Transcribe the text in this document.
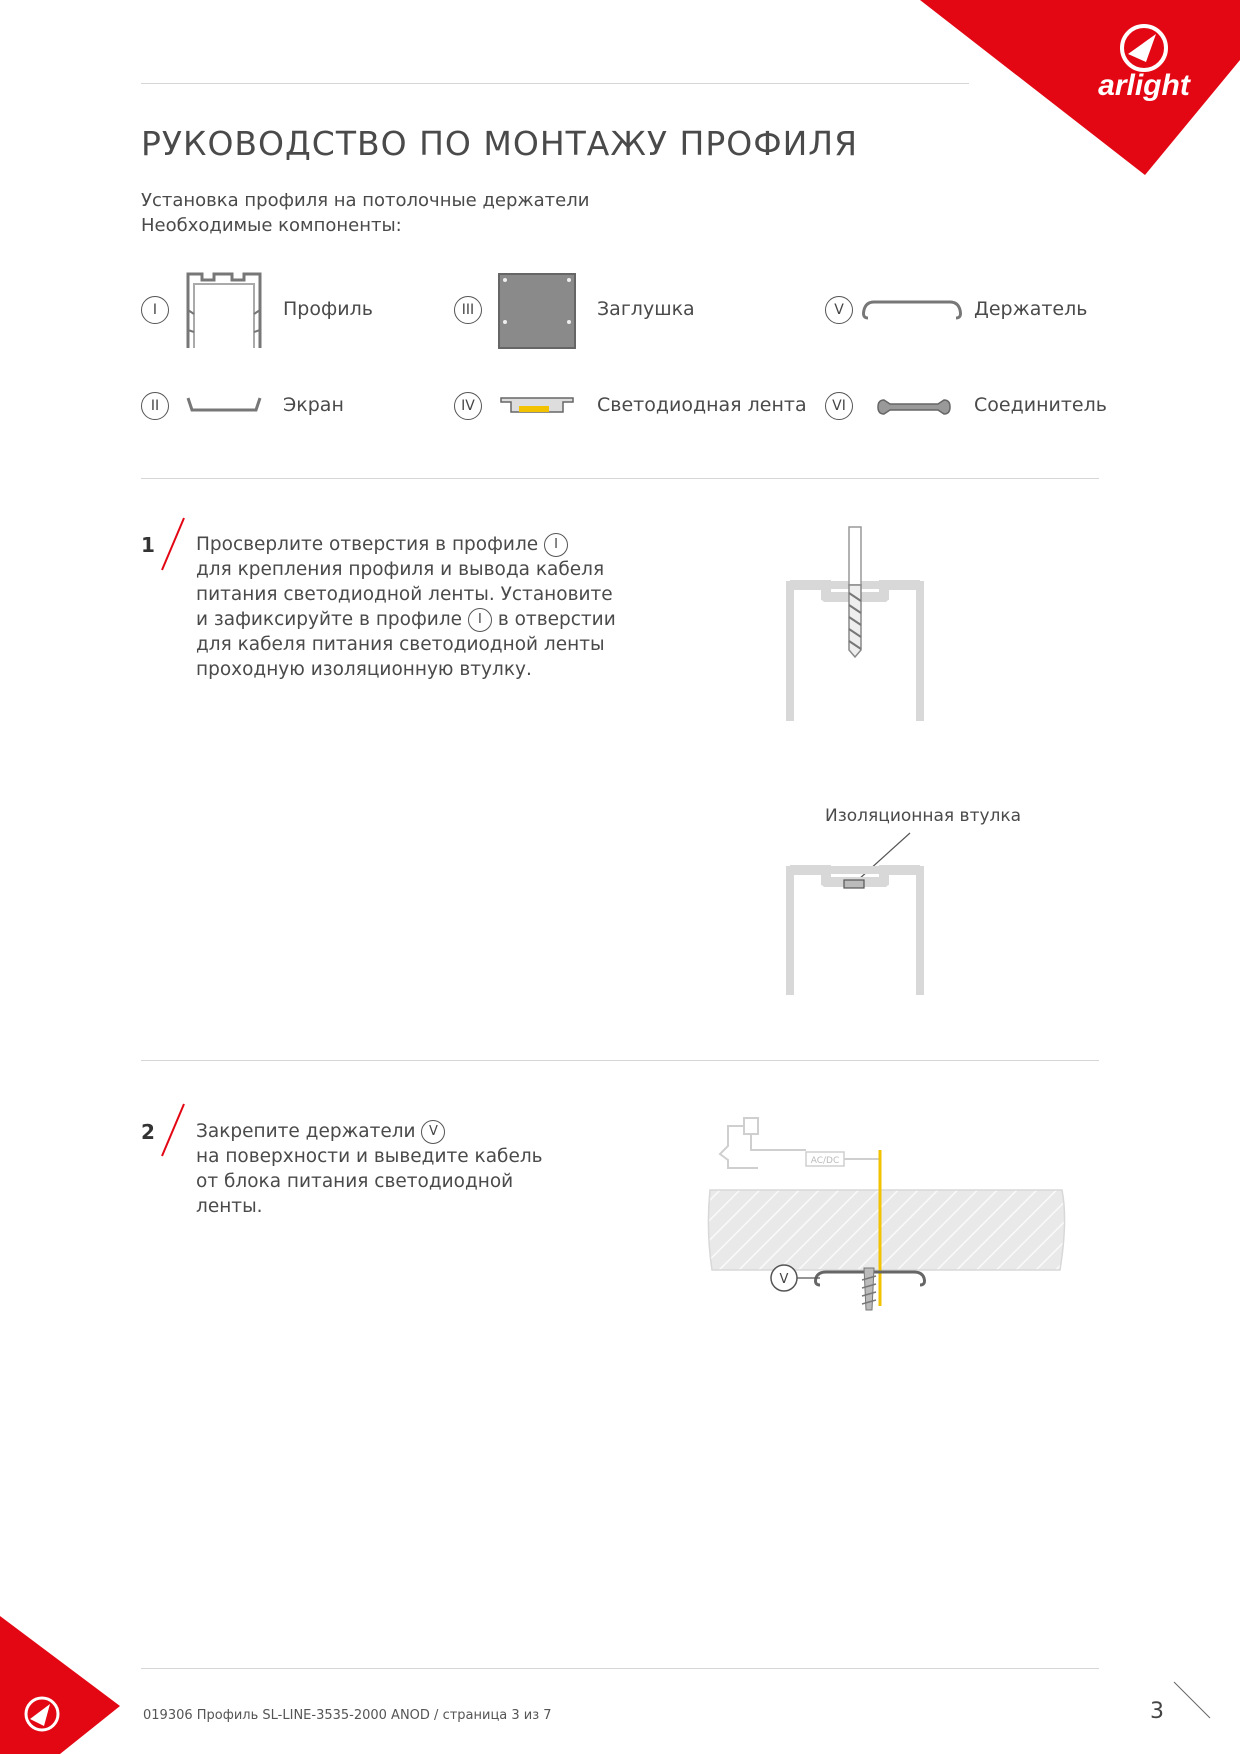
arlight
РУКОВОДСТВО ПО МОНТАЖУ ПРОФИЛЯ
Установка профиля на потолочные держатели
Необходимые компоненты:
I	Профиль	III	Заглушка	V	Держатель
II	Экран	IV	Светодиодная лента	VI	Соединитель
1 Просверлите отверстия в профиле I
для крепления профиля и вывода кабеля
питания светодиодной ленты. Установите
и зафиксируйте в профиле I в отверстии
для кабеля питания светодиодной ленты
проходную изоляционную втулку.
Изоляционная втулка
2 Закрепите держатели V
на поверхности и выведите кабель
от блока питания светодиодной
ленты.
AC/DC
V
019306 Профиль SL-LINE-3535-2000 ANOD / страница 3 из 7	3
